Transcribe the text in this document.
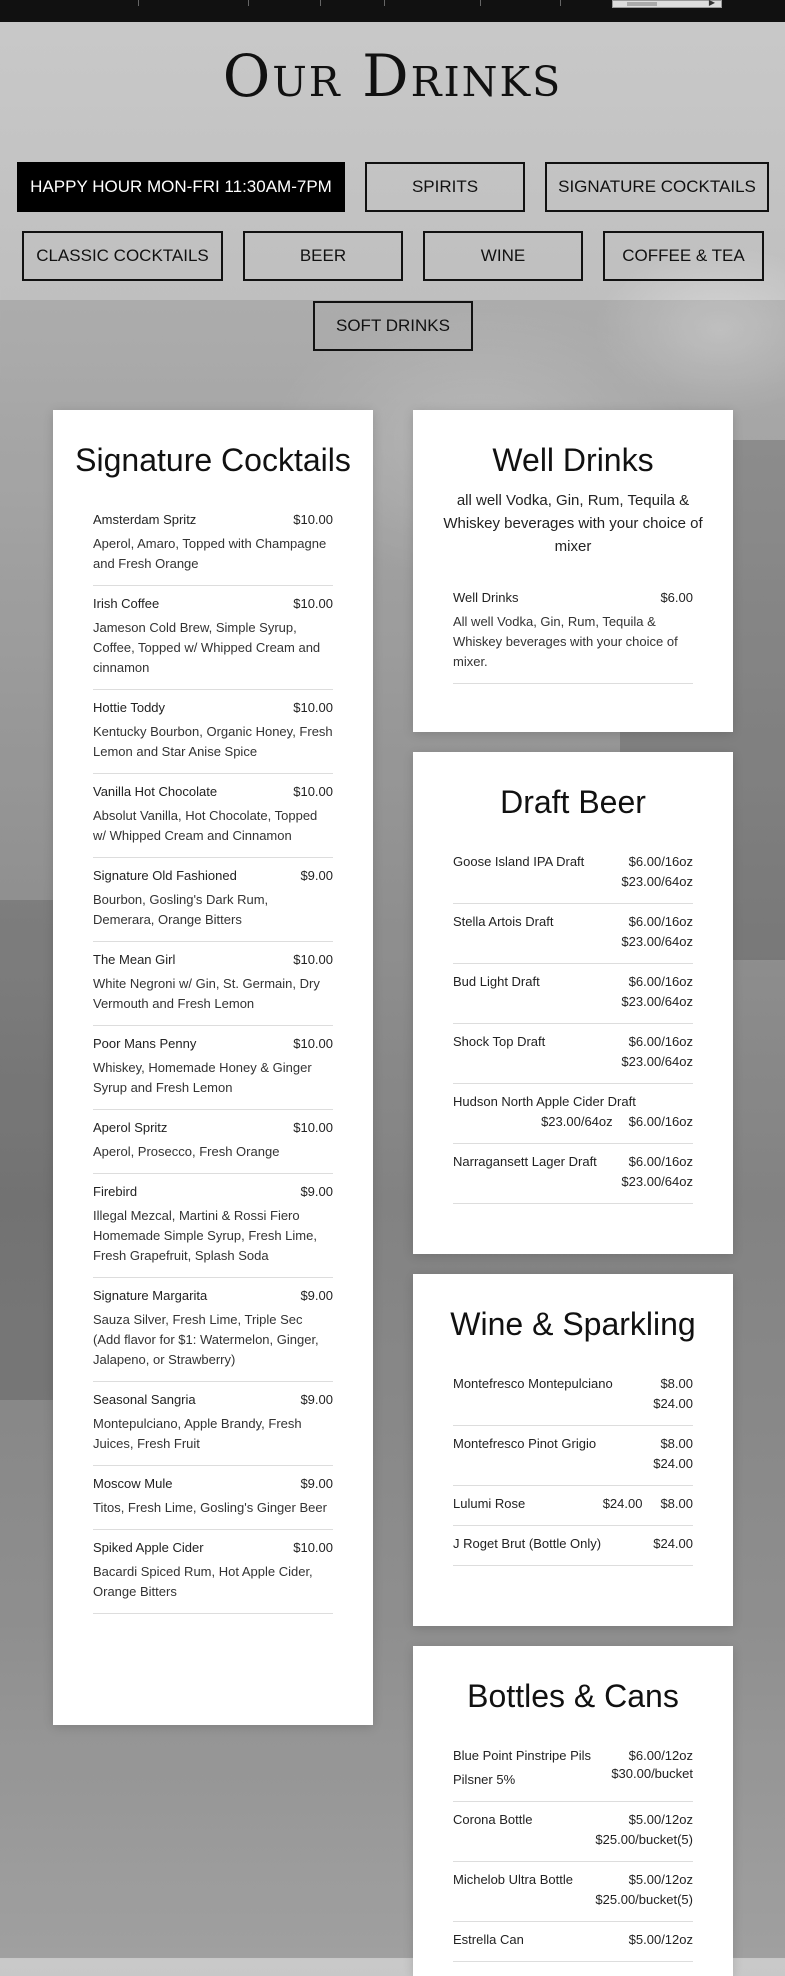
▶
Our Drinks
HAPPY HOUR MON-FRI 11:30AM-7PM	SPIRITS	SIGNATURE COCKTAILS
CLASSIC COCKTAILS	BEER	WINE	COFFEE & TEA
SOFT DRINKS
Signature Cocktails
Amsterdam Spritz	$10.00
Aperol, Amaro, Topped with Champagne and Fresh Orange
Irish Coffee	$10.00
Jameson Cold Brew, Simple Syrup, Coffee, Topped w/ Whipped Cream and cinnamon
Hottie Toddy	$10.00
Kentucky Bourbon, Organic Honey, Fresh Lemon and Star Anise Spice
Vanilla Hot Chocolate	$10.00
Absolut Vanilla, Hot Chocolate, Topped w/ Whipped Cream and Cinnamon
Signature Old Fashioned	$9.00
Bourbon, Gosling's Dark Rum, Demerara, Orange Bitters
The Mean Girl	$10.00
White Negroni w/ Gin, St. Germain, Dry Vermouth and Fresh Lemon
Poor Mans Penny	$10.00
Whiskey, Homemade Honey & Ginger Syrup and Fresh Lemon
Aperol Spritz	$10.00
Aperol, Prosecco, Fresh Orange
Firebird	$9.00
Illegal Mezcal, Martini & Rossi Fiero Homemade Simple Syrup, Fresh Lime, Fresh Grapefruit, Splash Soda
Signature Margarita	$9.00
Sauza Silver, Fresh Lime, Triple Sec (Add flavor for $1: Watermelon, Ginger, Jalapeno, or Strawberry)
Seasonal Sangria	$9.00
Montepulciano, Apple Brandy, Fresh Juices, Fresh Fruit
Moscow Mule	$9.00
Titos, Fresh Lime, Gosling's Ginger Beer
Spiked Apple Cider	$10.00
Bacardi Spiced Rum, Hot Apple Cider, Orange Bitters
Well Drinks
all well Vodka, Gin, Rum, Tequila & Whiskey beverages with your choice of mixer
Well Drinks	$6.00
All well Vodka, Gin, Rum, Tequila & Whiskey beverages with your choice of mixer.
Draft Beer
Goose Island IPA Draft	$6.00/16oz
$23.00/64oz
Stella Artois Draft	$6.00/16oz
$23.00/64oz
Bud Light Draft	$6.00/16oz
$23.00/64oz
Shock Top Draft	$6.00/16oz
$23.00/64oz
Hudson North Apple Cider Draft
$23.00/64oz $6.00/16oz
Narragansett Lager Draft	$6.00/16oz
$23.00/64oz
Wine & Sparkling
Montefresco Montepulciano	$8.00
$24.00
Montefresco Pinot Grigio	$8.00
$24.00
Lulumi Rose	$24.00 $8.00
J Roget Brut (Bottle Only)	$24.00
Bottles & Cans
Blue Point Pinstripe Pils	$6.00/12oz
Pilsner 5%	$30.00/bucket
Corona Bottle	$5.00/12oz
$25.00/bucket(5)
Michelob Ultra Bottle	$5.00/12oz
$25.00/bucket(5)
Estrella Can	$5.00/12oz
